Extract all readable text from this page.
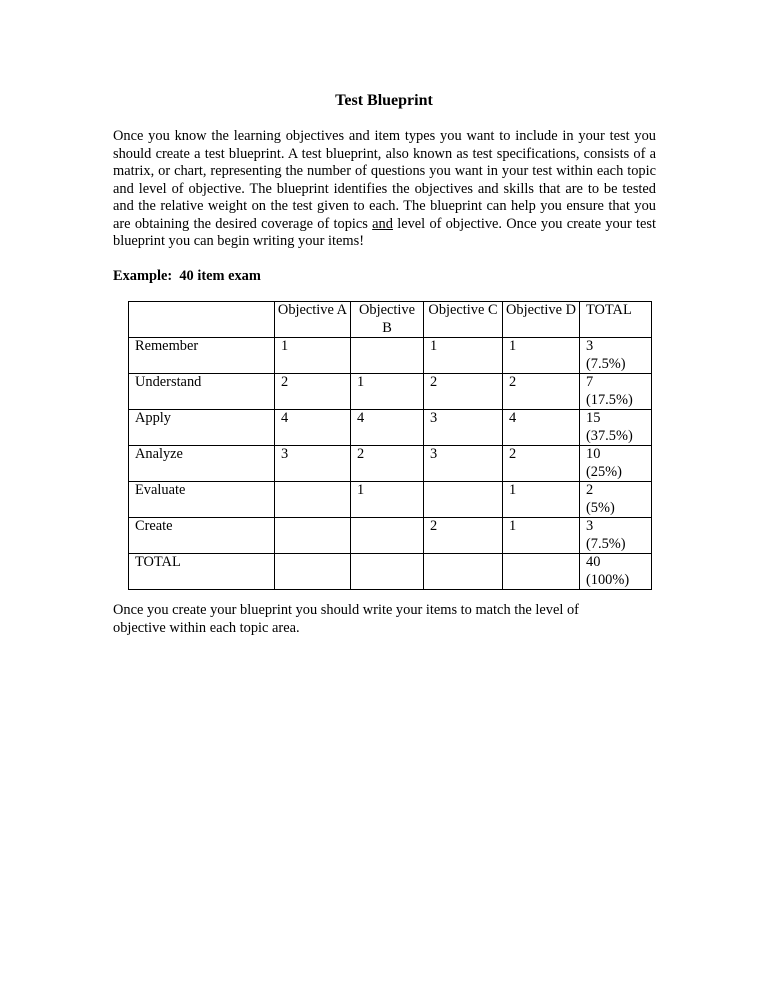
Test Blueprint

Once you know the learning objectives and item types you want to include in your test you should create a test blueprint. A test blueprint, also known as test specifications, consists of a matrix, or chart, representing the number of questions you want in your test within each topic and level of objective. The blueprint identifies the objectives and skills that are to be tested and the relative weight on the test given to each. The blueprint can help you ensure that you are obtaining the desired coverage of topics and level of objective. Once you create your test blueprint you can begin writing your items!

Example:  40 item exam
	Objective A	Objective B	Objective C	Objective D	TOTAL
Remember	1		1	1	3
(7.5%)

Understand	2	1	2	2	7
(17.5%)

Apply	4	4	3	4	15
(37.5%)

Analyze	3	2	3	2	10
(25%)

Evaluate		1		1	2
(5%)

Create			2	1	3
(7.5%)

TOTAL					40
(100%)

Once you create your blueprint you should write your items to match the level of objective within each topic area.
